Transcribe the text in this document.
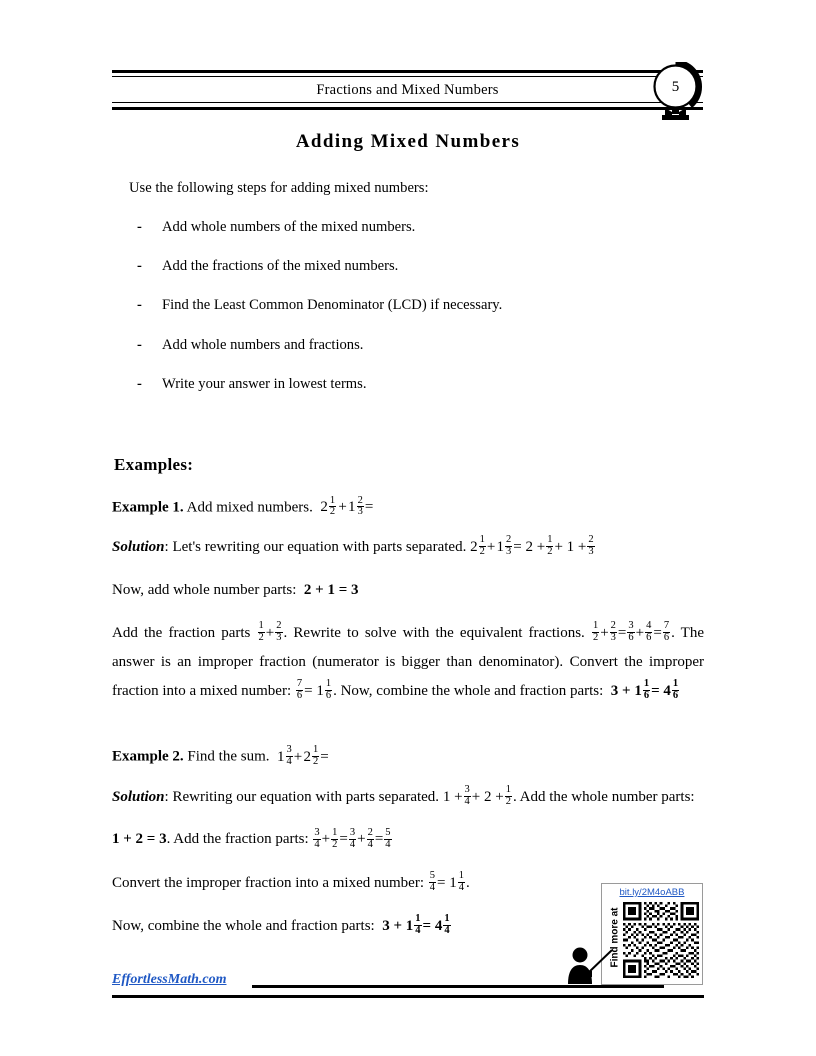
Fractions and Mixed Numbers	5
Adding Mixed Numbers

Use the following steps for adding mixed numbers:

- Add whole numbers of the mixed numbers.
- Add the fractions of the mixed numbers.
- Find the Least Common Denominator (LCD) if necessary.
- Add whole numbers and fractions.
- Write your answer in lowest terms.
Examples:

Example 1. Add mixed numbers.  $2 \frac{1}{2}$  + $1 \frac{2}{3}$ =

Solution: Let's rewriting our equation with parts separated. $2 \frac{1}{2}$ + $1 \frac{2}{3} = 2 + \frac{1}{2} + 1 + \frac{2}{3}$

Now, add whole number parts:  2 + 1 = 3

Add the fraction parts $\frac{1}{2} + \frac{2}{3}$ . Rewrite to solve with the equivalent fractions. $\frac{1}{2} + \frac{2}{3} = \frac{3}{6} + \frac{4}{6} = \frac{7}{6}$ . The answer is an improper fraction (numerator is bigger than denominator). Convert the improper fraction into a mixed number: $\frac{7}{6} = 1 \frac{1}{6}$ . Now, combine the whole and fraction parts:  $3 + 1 \frac{1}{6} = 4 \frac{1}{6}$

Example 2. Find the sum.  $1 \frac{3}{4}$ + $2 \frac{1}{2}$ =

Solution: Rewriting our equation with parts separated. $1 + \frac{3}{4} + 2 + \frac{1}{2}$ . Add the whole number parts:

1 + 2 = 3. Add the fraction parts: $\frac{3}{4} + \frac{1}{2} = \frac{3}{4} + \frac{2}{4} = \frac{5}{4}$

Convert the improper fraction into a mixed number: $\frac{5}{4} = 1 \frac{1}{4}$ .

Now, combine the whole and fraction parts:  $3 + 1 \frac{1}{4} = 4 \frac{1}{4}$

bit.ly/2M4oABB
Find more at
EffortlessMath.com
